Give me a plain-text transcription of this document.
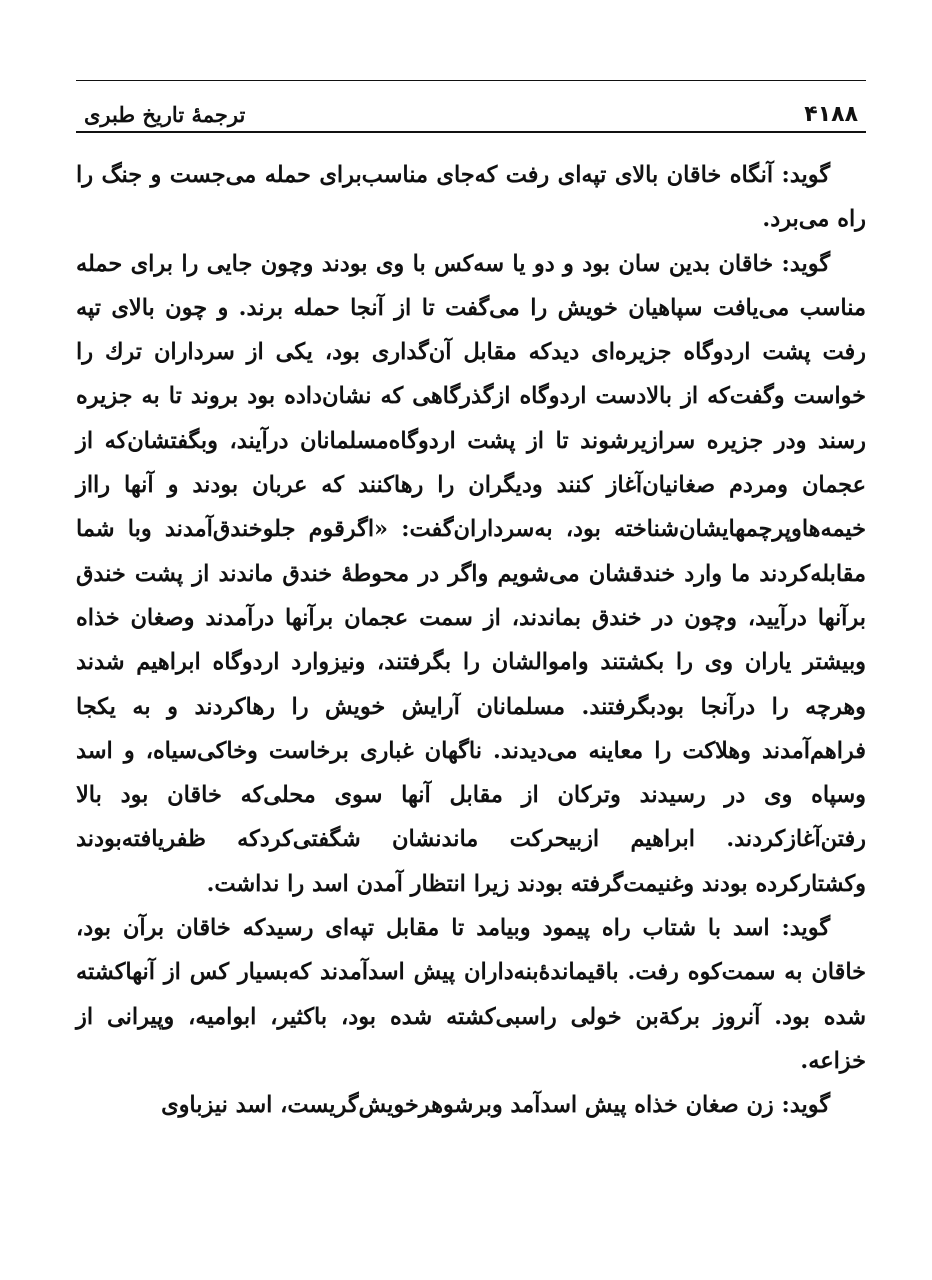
۴۱۸۸
ترجمهٔ تاریخ طبری

گوید: آنگاه خاقان بالای تپه‌ای رفت که‌جای مناسب‌برای حمله می‌جست و جنگ را راه می‌برد.

گوید: خاقان بدین سان بود و دو یا سه‌کس با وی بودند وچون جایی را برای حمله مناسب می‌یافت سپاهیان خویش را می‌گفت تا از آنجا حمله برند. و چون بالای تپه رفت پشت اردوگاه جزیره‌ای دیدکه مقابل آن‌گداری بود، یکی از سرداران ترك را خواست وگفت‌که از بالادست اردوگاه ازگذرگاهی که نشان‌داده بود بروند تا به جزیره رسند ودر جزیره سرازیرشوند تا از پشت اردوگاه‌مسلمانان درآیند، وبگفتشان‌که از عجمان ومردم صغانیان‌آغاز کنند ودیگران را رهاکنند که عربان بودند و آنها رااز خیمه‌هاوپرچمهایشان‌شناخته بود، به‌سرداران‌گفت: «اگرقوم جلوخندق‌آمدند وبا شما مقابله‌کردند ما وارد خندقشان می‌شویم واگر در محوطهٔ خندق ماندند از پشت خندق برآنها درآیید، وچون در خندق بماندند، از سمت عجمان برآنها درآمدند وصغان خذاه وبیشتر یاران وی را بکشتند واموالشان را بگرفتند، ونیزوارد اردوگاه ابراهیم شدند وهرچه را درآنجا بودبگرفتند. مسلمانان آرایش خویش را رهاکردند و به یکجا فراهم‌آمدند وهلاکت را معاینه می‌دیدند. ناگهان غباری برخاست وخاکی‌سیاه، و اسد وسپاه وی در رسیدند وترکان از مقابل آنها سوی محلی‌که خاقان بود بالا رفتن‌آغازکردند. ابراهیم ازبیحرکت ماندنشان شگفتی‌کردکه ظفریافته‌بودند وکشتارکرده بودند وغنیمت‌گرفته بودند زیرا انتظار آمدن اسد را نداشت.

گوید: اسد با شتاب راه پیمود وبیامد تا مقابل تپه‌ای رسیدکه خاقان برآن بود، خاقان به سمت‌کوه رفت. باقیماندهٔ‌بنه‌داران پیش اسدآمدند که‌بسیار کس از آنهاکشته شده بود. آنروز برکةبن خولی راسبی‌کشته شده بود، باکثیر، ابوامیه، وپیرانی از خزاعه.

گوید: زن صغان خذاه پیش اسدآمد وبرشوهرخویش‌گریست، اسد نیزباوی
